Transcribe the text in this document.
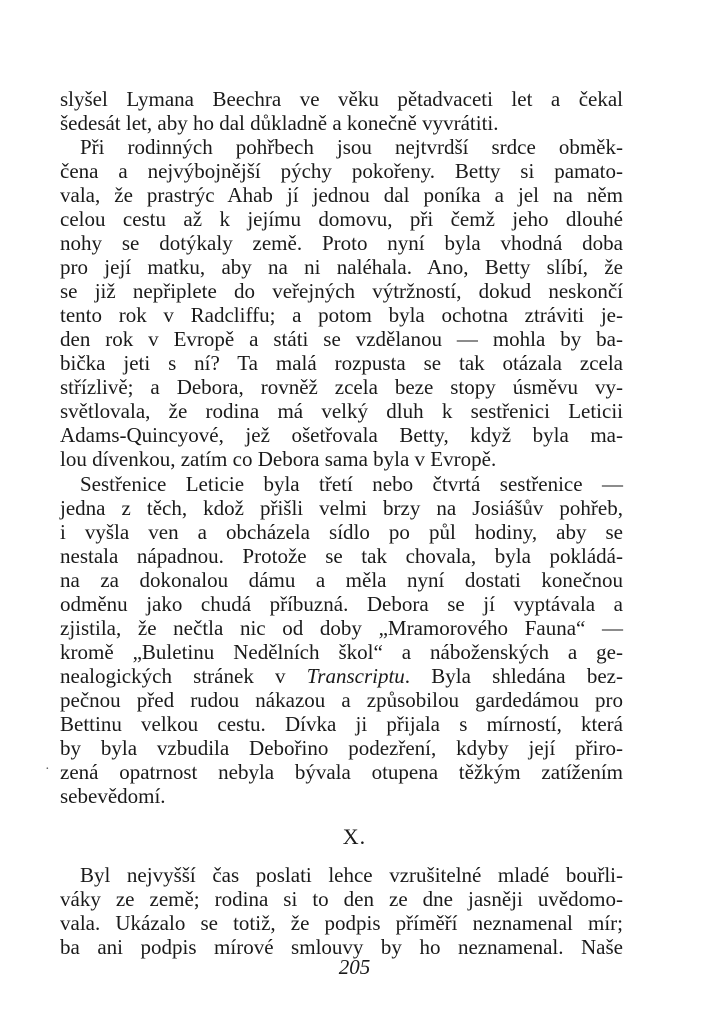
slyšel Lymana Beechra ve věku pětadvaceti let a čekal
šedesát let, aby ho dal důkladně a konečně vyvrátiti.
Při rodinných pohřbech jsou nejtvrdší srdce obměk-
čena a nejvýbojnější pýchy pokořeny. Betty si pamato-
vala, že prastrýc Ahab jí jednou dal poníka a jel na něm
celou cestu až k jejímu domovu, při čemž jeho dlouhé
nohy se dotýkaly země. Proto nyní byla vhodná doba
pro její matku, aby na ni naléhala. Ano, Betty slíbí, že
se již nepřiplete do veřejných výtržností, dokud neskončí
tento rok v Radcliffu; a potom byla ochotna ztráviti je-
den rok v Evropě a státi se vzdělanou — mohla by ba-
bička jeti s ní? Ta malá rozpusta se tak otázala zcela
střízlivě; a Debora, rovněž zcela beze stopy úsměvu vy-
světlovala, že rodina má velký dluh k sestřenici Leticii
Adams-Quincyové, jež ošetřovala Betty, když byla ma-
lou dívenkou, zatím co Debora sama byla v Evropě.
Sestřenice Leticie byla třetí nebo čtvrtá sestřenice —
jedna z těch, kdož přišli velmi brzy na Josiášův pohřeb,
i vyšla ven a obcházela sídlo po půl hodiny, aby se
nestala nápadnou. Protože se tak chovala, byla pokládá-
na za dokonalou dámu a měla nyní dostati konečnou
odměnu jako chudá příbuzná. Debora se jí vyptávala a
zjistila, že nečtla nic od doby „Mramorového Fauna“ —
kromě „Buletinu Nedělních škol“ a náboženských a ge-
nealogických stránek v Transcriptu. Byla shledána bez-
pečnou před rudou nákazou a způsobilou gardedámou pro
Bettinu velkou cestu. Dívka ji přijala s mírností, která
by byla vzbudila Debořino podezření, kdyby její přiro-
zená opatrnost nebyla bývala otupena těžkým zatížením
sebevědomí.
·
X.
Byl nejvyšší čas poslati lehce vzrušitelné mladé bouřli-
váky ze země; rodina si to den ze dne jasněji uvědomo-
vala. Ukázalo se totiž, že podpis příměří neznamenal mír;
ba ani podpis mírové smlouvy by ho neznamenal. Naše
205
